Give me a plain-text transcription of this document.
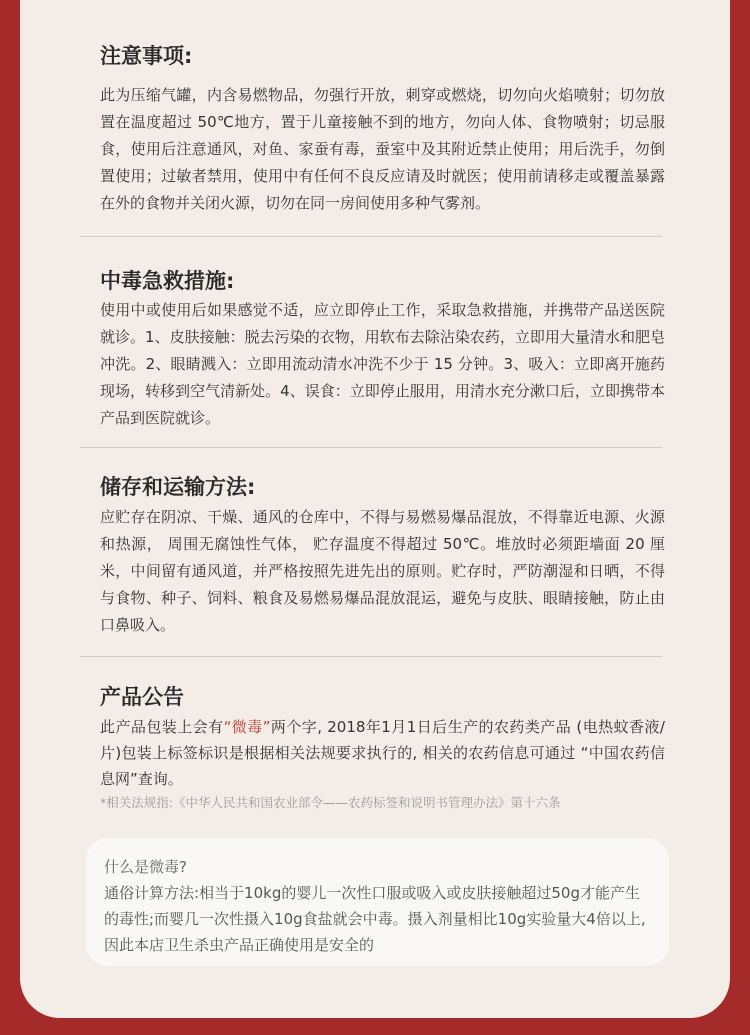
注意事项:
此为压缩气罐，内含易燃物品，勿强行开放，刺穿或燃烧，切勿向火焰喷射；切勿放置在温度超过 50℃地方，置于儿童接触不到的地方，勿向人体、食物喷射；切忌服食，使用后注意通风，对鱼、家蚕有毒，蚕室中及其附近禁止使用；用后洗手，勿倒置使用；过敏者禁用，使用中有任何不良反应请及时就医；使用前请移走或覆盖暴露在外的食物并关闭火源，切勿在同一房间使用多种气雾剂。
中毒急救措施:
使用中或使用后如果感觉不适，应立即停止工作，采取急救措施，并携带产品送医院就诊。1、皮肤接触：脱去污染的衣物，用软布去除沾染农药，立即用大量清水和肥皂冲洗。2、眼睛溅入：立即用流动清水冲洗不少于 15 分钟。3、吸入：立即离开施药现场，转移到空气清新处。4、误食：立即停止服用，用清水充分漱口后，立即携带本产品到医院就诊。
储存和运输方法:
应贮存在阴凉、干燥、通风的仓库中，不得与易燃易爆品混放，不得靠近电源、火源和热源， 周围无腐蚀性气体， 贮存温度不得超过 50℃。堆放时必须距墙面 20 厘米，中间留有通风道，并严格按照先进先出的原则。贮存时，严防潮湿和日晒，不得与食物、种子、饲料、粮食及易燃易爆品混放混运，避免与皮肤、眼睛接触，防止由口鼻吸入。
产品公告
此产品包装上会有“微毒”两个字, 2018年1月1日后生产的农药类产品 (电热蚊香液/片)包装上标签标识是根据相关法规要求执行的, 相关的农药信息可通过 “中国农药信息网”查询。
*相关法规指:《中华人民共和国农业部令——农药标签和说明书管理办法》第十六条
什么是微毒?
通俗计算方法:相当于10kg的婴儿一次性口服或吸入或皮肤接触超过50g才能产生的毒性;而婴几一次性摄入10g食盐就会中毒。摄入剂量相比10g实验量大4倍以上,因此本店卫生杀虫产品正确使用是安全的
